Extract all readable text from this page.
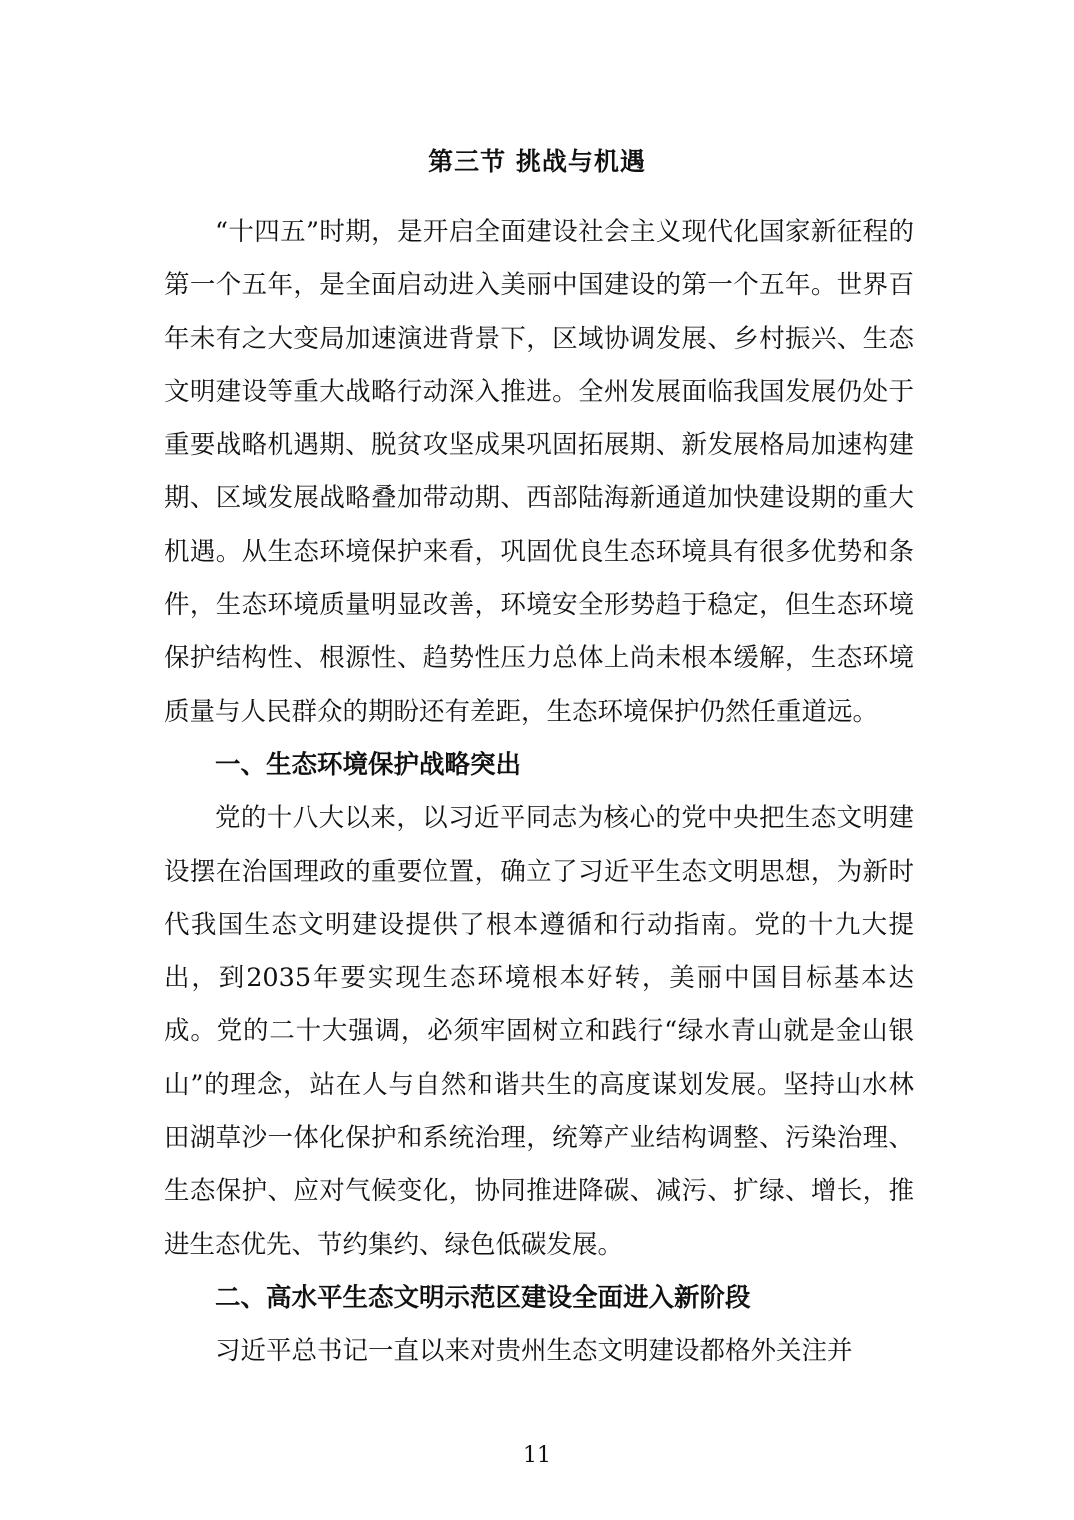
第三节 挑战与机遇

“十四五”时期，是开启全面建设社会主义现代化国家新征程的第一个五年，是全面启动进入美丽中国建设的第一个五年。世界百年未有之大变局加速演进背景下，区域协调发展、乡村振兴、生态文明建设等重大战略行动深入推进。全州发展面临我国发展仍处于重要战略机遇期、脱贫攻坚成果巩固拓展期、新发展格局加速构建期、区域发展战略叠加带动期、西部陆海新通道加快建设期的重大机遇。从生态环境保护来看，巩固优良生态环境具有很多优势和条件，生态环境质量明显改善，环境安全形势趋于稳定，但生态环境保护结构性、根源性、趋势性压力总体上尚未根本缓解，生态环境质量与人民群众的期盼还有差距，生态环境保护仍然任重道远。

一、生态环境保护战略突出

党的十八大以来，以习近平同志为核心的党中央把生态文明建设摆在治国理政的重要位置，确立了习近平生态文明思想，为新时代我国生态文明建设提供了根本遵循和行动指南。党的十九大提出，到2035年要实现生态环境根本好转，美丽中国目标基本达成。党的二十大强调，必须牢固树立和践行“绿水青山就是金山银山”的理念，站在人与自然和谐共生的高度谋划发展。坚持山水林田湖草沙一体化保护和系统治理，统筹产业结构调整、污染治理、生态保护、应对气候变化，协同推进降碳、减污、扩绿、增长，推进生态优先、节约集约、绿色低碳发展。

二、高水平生态文明示范区建设全面进入新阶段

习近平总书记一直以来对贵州生态文明建设都格外关注并

11
